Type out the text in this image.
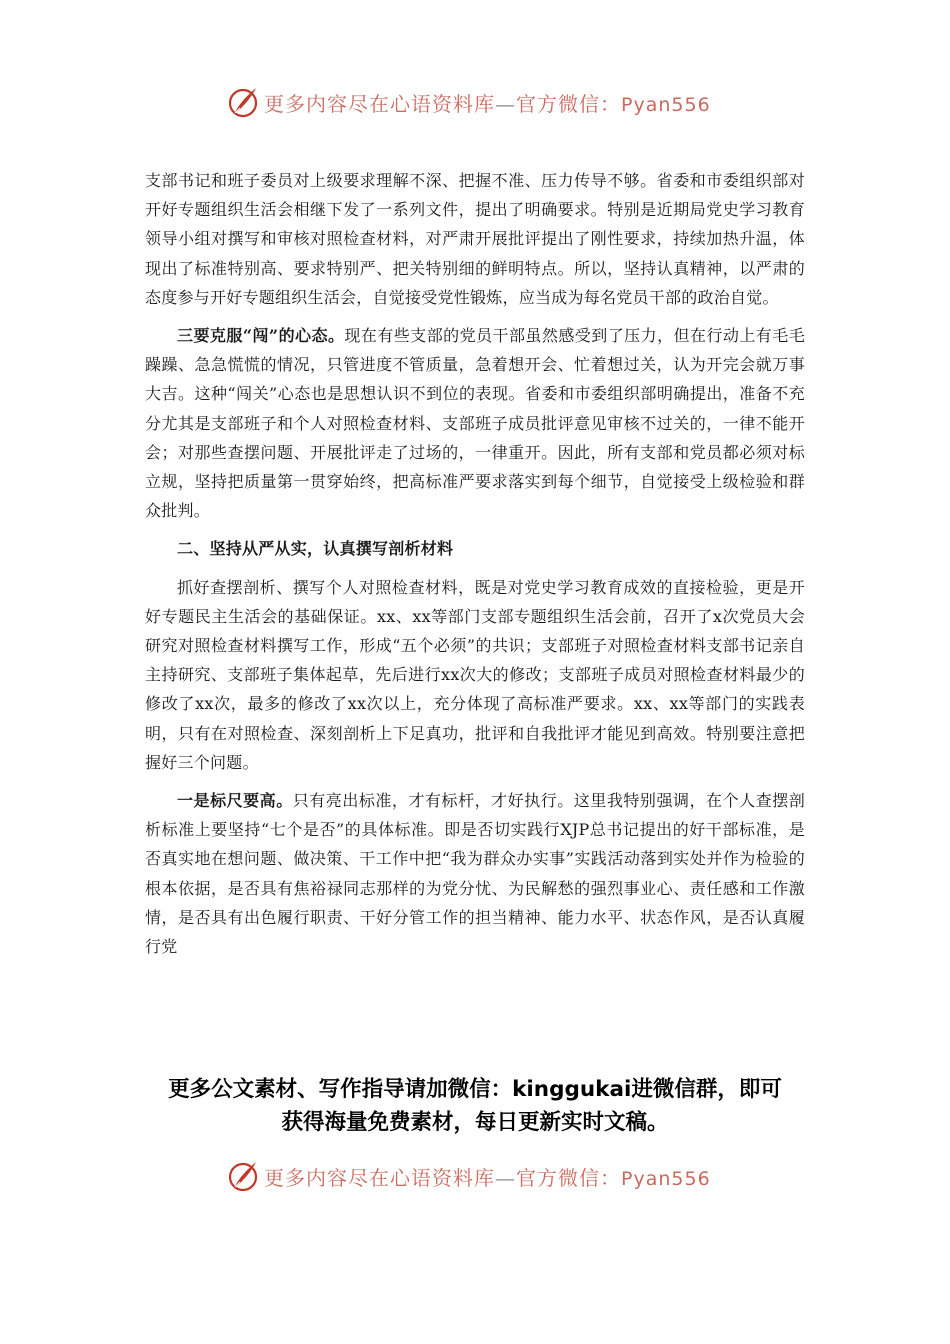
更多内容尽在心语资料库—官方微信：Pyan556

支部书记和班子委员对上级要求理解不深、把握不准、压力传导不够。省委和市委组织部对开好专题组织生活会相继下发了一系列文件，提出了明确要求。特别是近期局党史学习教育领导小组对撰写和审核对照检查材料，对严肃开展批评提出了刚性要求，持续加热升温，体现出了标准特别高、要求特别严、把关特别细的鲜明特点。所以，坚持认真精神，以严肃的态度参与开好专题组织生活会，自觉接受党性锻炼，应当成为每名党员干部的政治自觉。

三要克服“闯”的心态。现在有些支部的党员干部虽然感受到了压力，但在行动上有毛毛躁躁、急急慌慌的情况，只管进度不管质量，急着想开会、忙着想过关，认为开完会就万事大吉。这种“闯关”心态也是思想认识不到位的表现。省委和市委组织部明确提出，准备不充分尤其是支部班子和个人对照检查材料、支部班子成员批评意见审核不过关的，一律不能开会；对那些查摆问题、开展批评走了过场的，一律重开。因此，所有支部和党员都必须对标立规，坚持把质量第一贯穿始终，把高标准严要求落实到每个细节，自觉接受上级检验和群众批判。

二、坚持从严从实，认真撰写剖析材料

抓好查摆剖析、撰写个人对照检查材料，既是对党史学习教育成效的直接检验，更是开好专题民主生活会的基础保证。xx、xx等部门支部专题组织生活会前，召开了x次党员大会研究对照检查材料撰写工作，形成“五个必须”的共识；支部班子对照检查材料支部书记亲自主持研究、支部班子集体起草，先后进行xx次大的修改；支部班子成员对照检查材料最少的修改了xx次，最多的修改了xx次以上，充分体现了高标准严要求。xx、xx等部门的实践表明，只有在对照检查、深刻剖析上下足真功，批评和自我批评才能见到高效。特别要注意把握好三个问题。

一是标尺要高。只有亮出标准，才有标杆，才好执行。这里我特别强调，在个人查摆剖析标准上要坚持“七个是否”的具体标准。即是否切实践行XJP总书记提出的好干部标准，是否真实地在想问题、做决策、干工作中把“我为群众办实事”实践活动落到实处并作为检验的根本依据，是否具有焦裕禄同志那样的为党分忧、为民解愁的强烈事业心、责任感和工作激情，是否具有出色履行职责、干好分管工作的担当精神、能力水平、状态作风，是否认真履行党

更多公文素材、写作指导请加微信：kinggukai进微信群，即可
获得海量免费素材，每日更新实时文稿。
更多内容尽在心语资料库—官方微信：Pyan556
